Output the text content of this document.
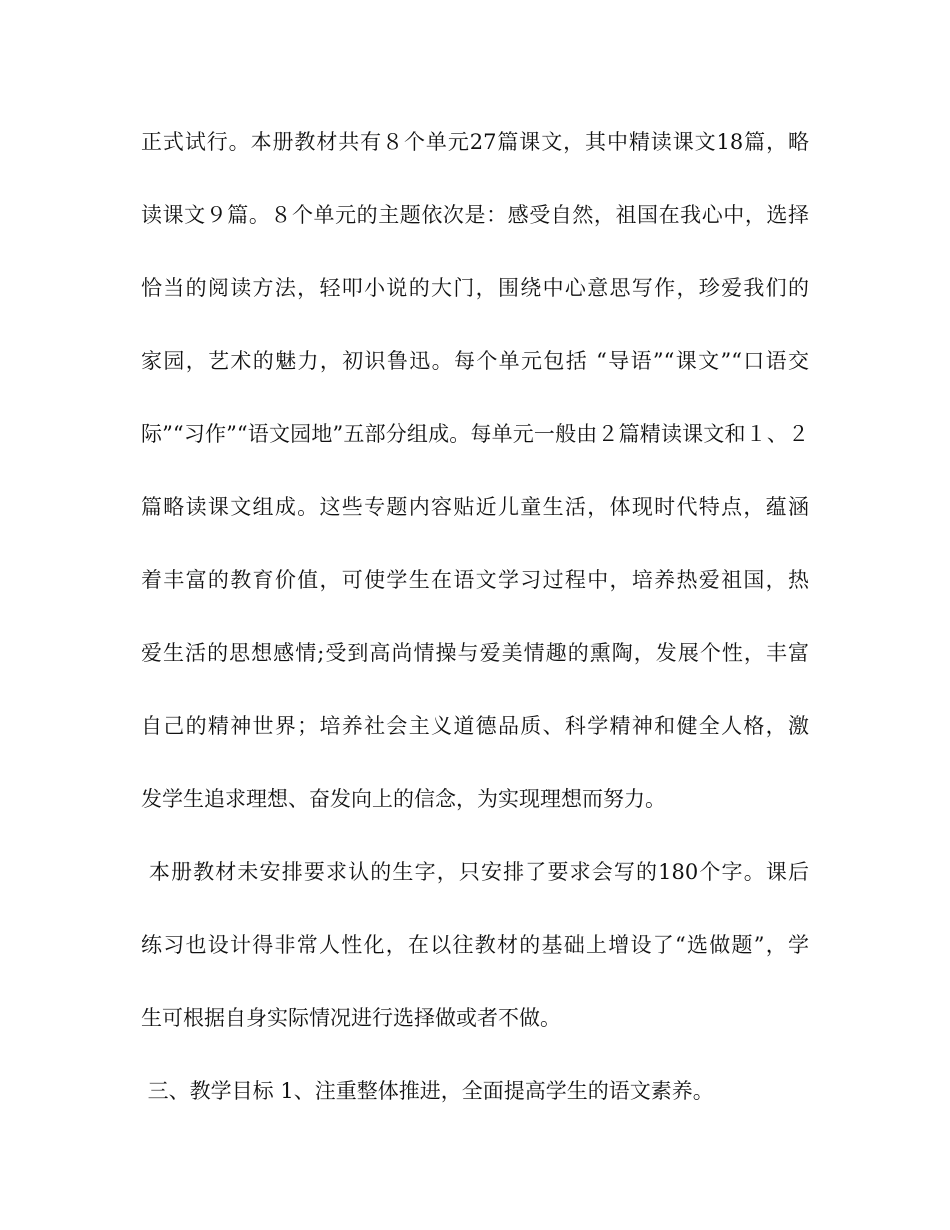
正式试行。本册教材共有８个单元27篇课文，其中精读课文18篇，略
读课文９篇。８个单元的主题依次是：感受自然，祖国在我心中，选择
恰当的阅读方法，轻叩小说的大门，围绕中心意思写作，珍爱我们的
家园，艺术的魅力，初识鲁迅。每个单元包括 “导语”“课文”“口语交
际”“习作”“语文园地”五部分组成。每单元一般由２篇精读课文和１、２
篇略读课文组成。这些专题内容贴近儿童生活，体现时代特点，蕴涵
着丰富的教育价值，可使学生在语文学习过程中，培养热爱祖国，热
爱生活的思想感情;受到高尚情操与爱美情趣的熏陶，发展个性，丰富
自己的精神世界；培养社会主义道德品质、科学精神和健全人格，激
发学生追求理想、奋发向上的信念，为实现理想而努力。
本册教材未安排要求认的生字，只安排了要求会写的180个字。课后
练习也设计得非常人性化，在以往教材的基础上增设了“选做题”，学
生可根据自身实际情况进行选择做或者不做。
三、教学目标 1、注重整体推进，全面提高学生的语文素养。
